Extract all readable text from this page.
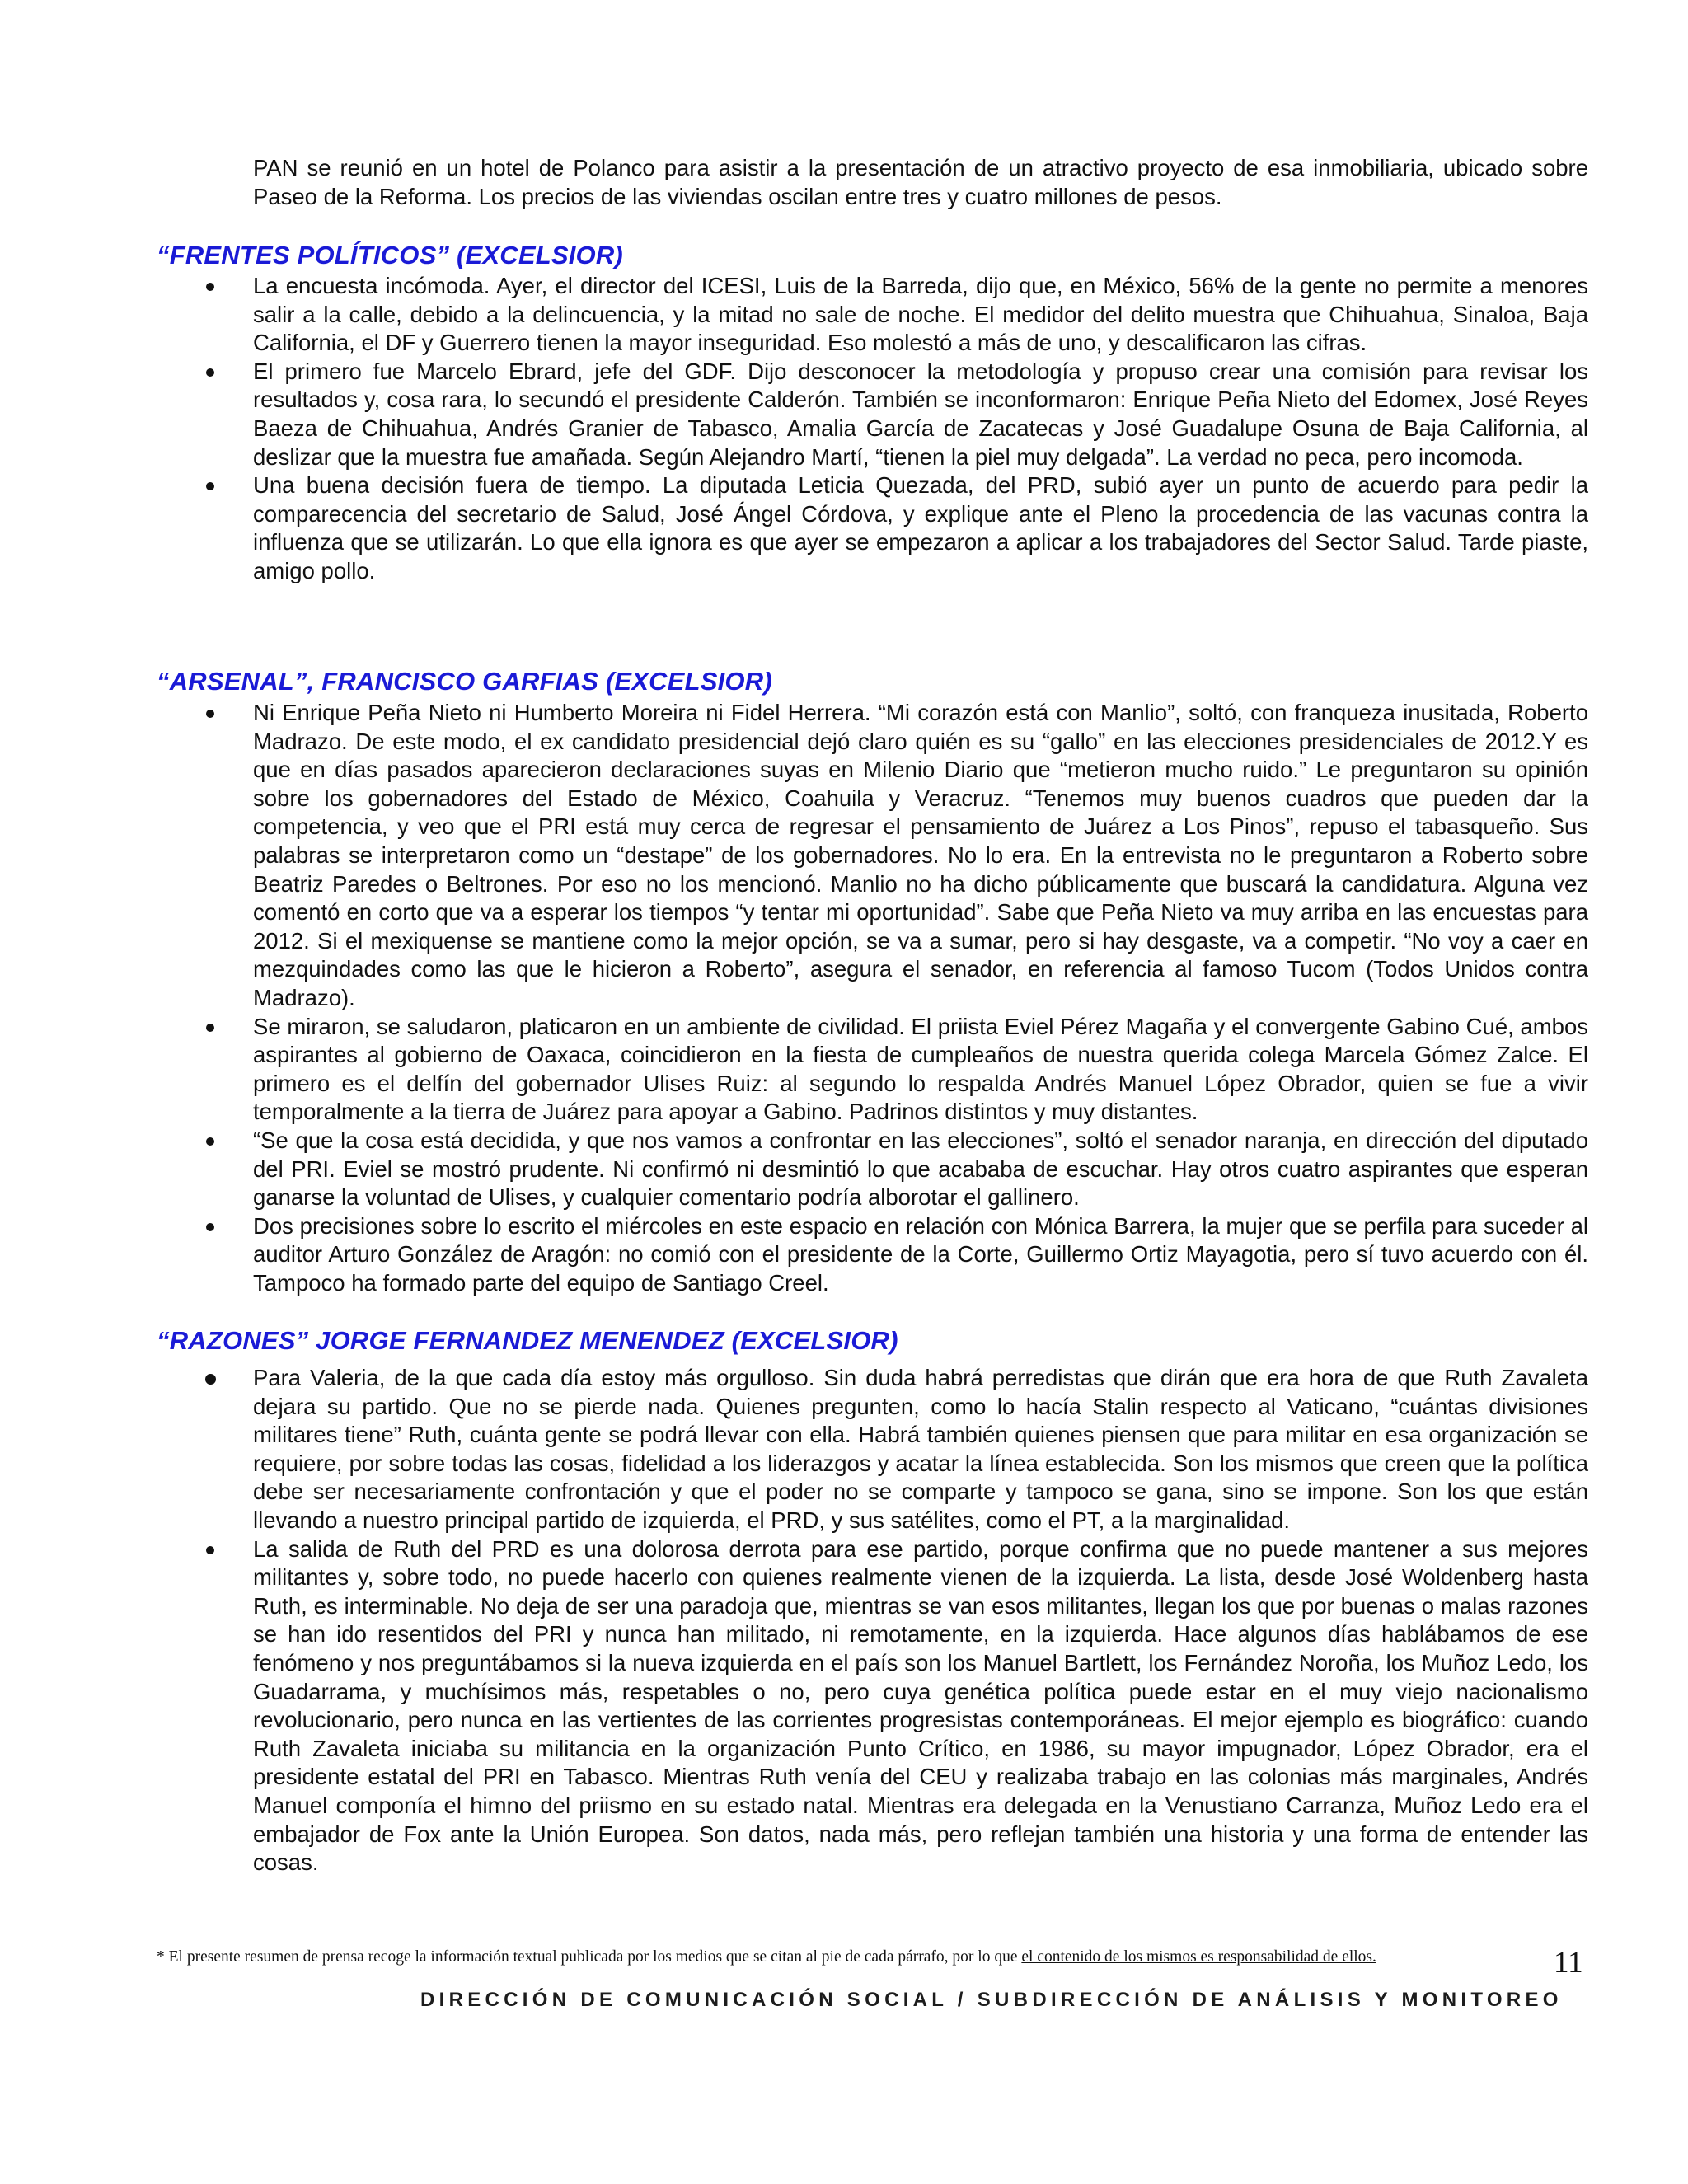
PAN se reunió en un hotel de Polanco para asistir a la presentación de un atractivo proyecto de esa inmobiliaria, ubicado sobre Paseo de la Reforma. Los precios de las viviendas oscilan entre tres y cuatro millones de pesos.

“FRENTES POLÍTICOS” (EXCELSIOR)
La encuesta incómoda. Ayer, el director del ICESI, Luis de la Barreda, dijo que, en México, 56% de la gente no permite a menores salir a la calle, debido a la delincuencia, y la mitad no sale de noche. El medidor del delito muestra que Chihuahua, Sinaloa, Baja California, el DF y Guerrero tienen la mayor inseguridad. Eso molestó a más de uno, y descalificaron las cifras.
El primero fue Marcelo Ebrard, jefe del GDF. Dijo desconocer la metodología y propuso crear una comisión para revisar los resultados y, cosa rara, lo secundó el presidente Calderón. También se inconformaron: Enrique Peña Nieto del Edomex, José Reyes Baeza de Chihuahua, Andrés Granier de Tabasco, Amalia García de Zacatecas y José Guadalupe Osuna de Baja California, al deslizar que la muestra fue amañada. Según Alejandro Martí, “tienen la piel muy delgada”. La verdad no peca, pero incomoda.
Una buena decisión fuera de tiempo. La diputada Leticia Quezada, del PRD, subió ayer un punto de acuerdo para pedir la comparecencia del secretario de Salud, José Ángel Córdova, y explique ante el Pleno la procedencia de las vacunas contra la influenza que se utilizarán. Lo que ella ignora es que ayer se empezaron a aplicar a los trabajadores del Sector Salud. Tarde piaste, amigo pollo.
“ARSENAL”, FRANCISCO GARFIAS (EXCELSIOR)
Ni Enrique Peña Nieto ni Humberto Moreira ni Fidel Herrera. “Mi corazón está con Manlio”, soltó, con franqueza inusitada, Roberto Madrazo. De este modo, el ex candidato presidencial dejó claro quién es su “gallo” en las elecciones presidenciales de 2012.Y es que en días pasados aparecieron declaraciones suyas en Milenio Diario que “metieron mucho ruido.” Le preguntaron su opinión sobre los gobernadores del Estado de México, Coahuila y Veracruz. “Tenemos muy buenos cuadros que pueden dar la competencia, y veo que el PRI está muy cerca de regresar el pensamiento de Juárez a Los Pinos”, repuso el tabasqueño. Sus palabras se interpretaron como un “destape” de los gobernadores. No lo era. En la entrevista no le preguntaron a Roberto sobre Beatriz Paredes o Beltrones. Por eso no los mencionó. Manlio no ha dicho públicamente que buscará la candidatura. Alguna vez comentó en corto que va a esperar los tiempos “y tentar mi oportunidad”. Sabe que Peña Nieto va muy arriba en las encuestas para 2012. Si el mexiquense se mantiene como la mejor opción, se va a sumar, pero si hay desgaste, va a competir. “No voy a caer en mezquindades como las que le hicieron a Roberto”, asegura el senador, en referencia al famoso Tucom (Todos Unidos contra Madrazo).
Se miraron, se saludaron, platicaron en un ambiente de civilidad. El priista Eviel Pérez Magaña y el convergente Gabino Cué, ambos aspirantes al gobierno de Oaxaca, coincidieron en la fiesta de cumpleaños de nuestra querida colega Marcela Gómez Zalce. El primero es el delfín del gobernador Ulises Ruiz: al segundo lo respalda Andrés Manuel López Obrador, quien se fue a vivir temporalmente a la tierra de Juárez para apoyar a Gabino. Padrinos distintos y muy distantes.
“Se que la cosa está decidida, y que nos vamos a confrontar en las elecciones”, soltó el senador naranja, en dirección del diputado del PRI. Eviel se mostró prudente. Ni confirmó ni desmintió lo que acababa de escuchar. Hay otros cuatro aspirantes que esperan ganarse la voluntad de Ulises, y cualquier comentario podría alborotar el gallinero.
Dos precisiones sobre lo escrito el miércoles en este espacio en relación con Mónica Barrera, la mujer que se perfila para suceder al auditor Arturo González de Aragón: no comió con el presidente de la Corte, Guillermo Ortiz Mayagotia, pero sí tuvo acuerdo con él. Tampoco ha formado parte del equipo de Santiago Creel.
“RAZONES” JORGE FERNANDEZ MENENDEZ (EXCELSIOR)
Para Valeria, de la que cada día estoy más orgulloso. Sin duda habrá perredistas que dirán que era hora de que Ruth Zavaleta dejara su partido. Que no se pierde nada. Quienes pregunten, como lo hacía Stalin respecto al Vaticano, “cuántas divisiones militares tiene” Ruth, cuánta gente se podrá llevar con ella. Habrá también quienes piensen que para militar en esa organización se requiere, por sobre todas las cosas, fidelidad a los liderazgos y acatar la línea establecida. Son los mismos que creen que la política debe ser necesariamente confrontación y que el poder no se comparte y tampoco se gana, sino se impone. Son los que están llevando a nuestro principal partido de izquierda, el PRD, y sus satélites, como el PT, a la marginalidad.
La salida de Ruth del PRD es una dolorosa derrota para ese partido, porque confirma que no puede mantener a sus mejores militantes y, sobre todo, no puede hacerlo con quienes realmente vienen de la izquierda. La lista, desde José Woldenberg hasta Ruth, es interminable. No deja de ser una paradoja que, mientras se van esos militantes, llegan los que por buenas o malas razones se han ido resentidos del PRI y nunca han militado, ni remotamente, en la izquierda. Hace algunos días hablábamos de ese fenómeno y nos preguntábamos si la nueva izquierda en el país son los Manuel Bartlett, los Fernández Noroña, los Muñoz Ledo, los Guadarrama, y muchísimos más, respetables o no, pero cuya genética política puede estar en el muy viejo nacionalismo revolucionario, pero nunca en las vertientes de las corrientes progresistas contemporáneas. El mejor ejemplo es biográfico: cuando Ruth Zavaleta iniciaba su militancia en la organización Punto Crítico, en 1986, su mayor impugnador, López Obrador, era el presidente estatal del PRI en Tabasco. Mientras Ruth venía del CEU y realizaba trabajo en las colonias más marginales, Andrés Manuel componía el himno del priismo en su estado natal. Mientras era delegada en la Venustiano Carranza, Muñoz Ledo era el embajador de Fox ante la Unión Europea. Son datos, nada más, pero reflejan también una historia y una forma de entender las cosas.

* El presente resumen de prensa recoge la información textual publicada por los medios que se citan al pie de cada párrafo, por lo que el contenido de los mismos es responsabilidad de ellos.	11

DIRECCIÓN DE COMUNICACIÓN SOCIAL / SUBDIRECCIÓN DE ANÁLISIS Y MONITOREO
